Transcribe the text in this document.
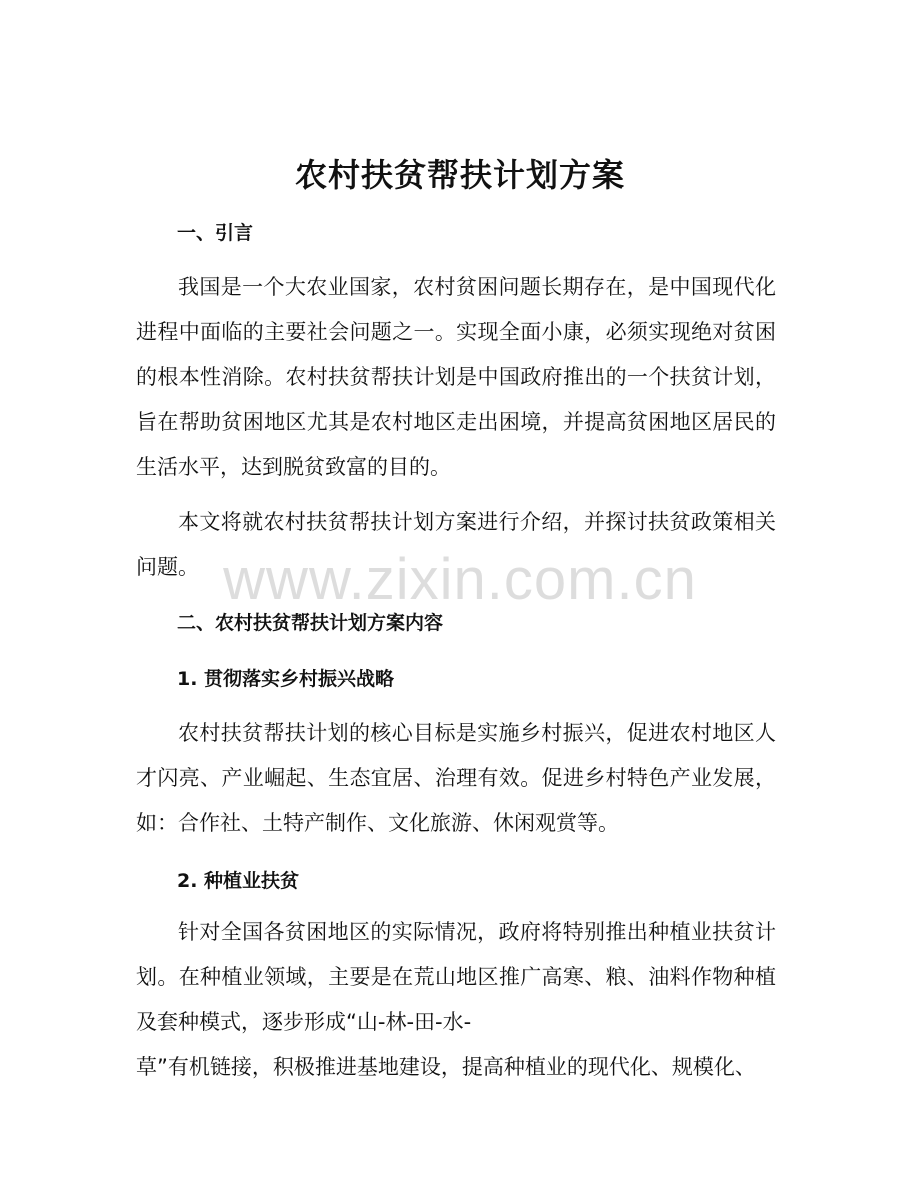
农村扶贫帮扶计划方案
一、引言
我国是一个大农业国家，农村贫困问题长期存在，是中国现代化进程中面临的主要社会问题之一。实现全面小康，必须实现绝对贫困的根本性消除。农村扶贫帮扶计划是中国政府推出的一个扶贫计划，旨在帮助贫困地区尤其是农村地区走出困境，并提高贫困地区居民的生活水平，达到脱贫致富的目的。
本文将就农村扶贫帮扶计划方案进行介绍，并探讨扶贫政策相关问题。
二、农村扶贫帮扶计划方案内容
1. 贯彻落实乡村振兴战略
农村扶贫帮扶计划的核心目标是实施乡村振兴，促进农村地区人才闪亮、产业崛起、生态宜居、治理有效。促进乡村特色产业发展，如：合作社、土特产制作、文化旅游、休闲观赏等。
2. 种植业扶贫
针对全国各贫困地区的实际情况，政府将特别推出种植业扶贫计划。在种植业领域，主要是在荒山地区推广高寒、粮、油料作物种植及套种模式，逐步形成“山-林-田-水-
草”有机链接，积极推进基地建设，提高种植业的现代化、规模化、
www.zixin.com.cn
